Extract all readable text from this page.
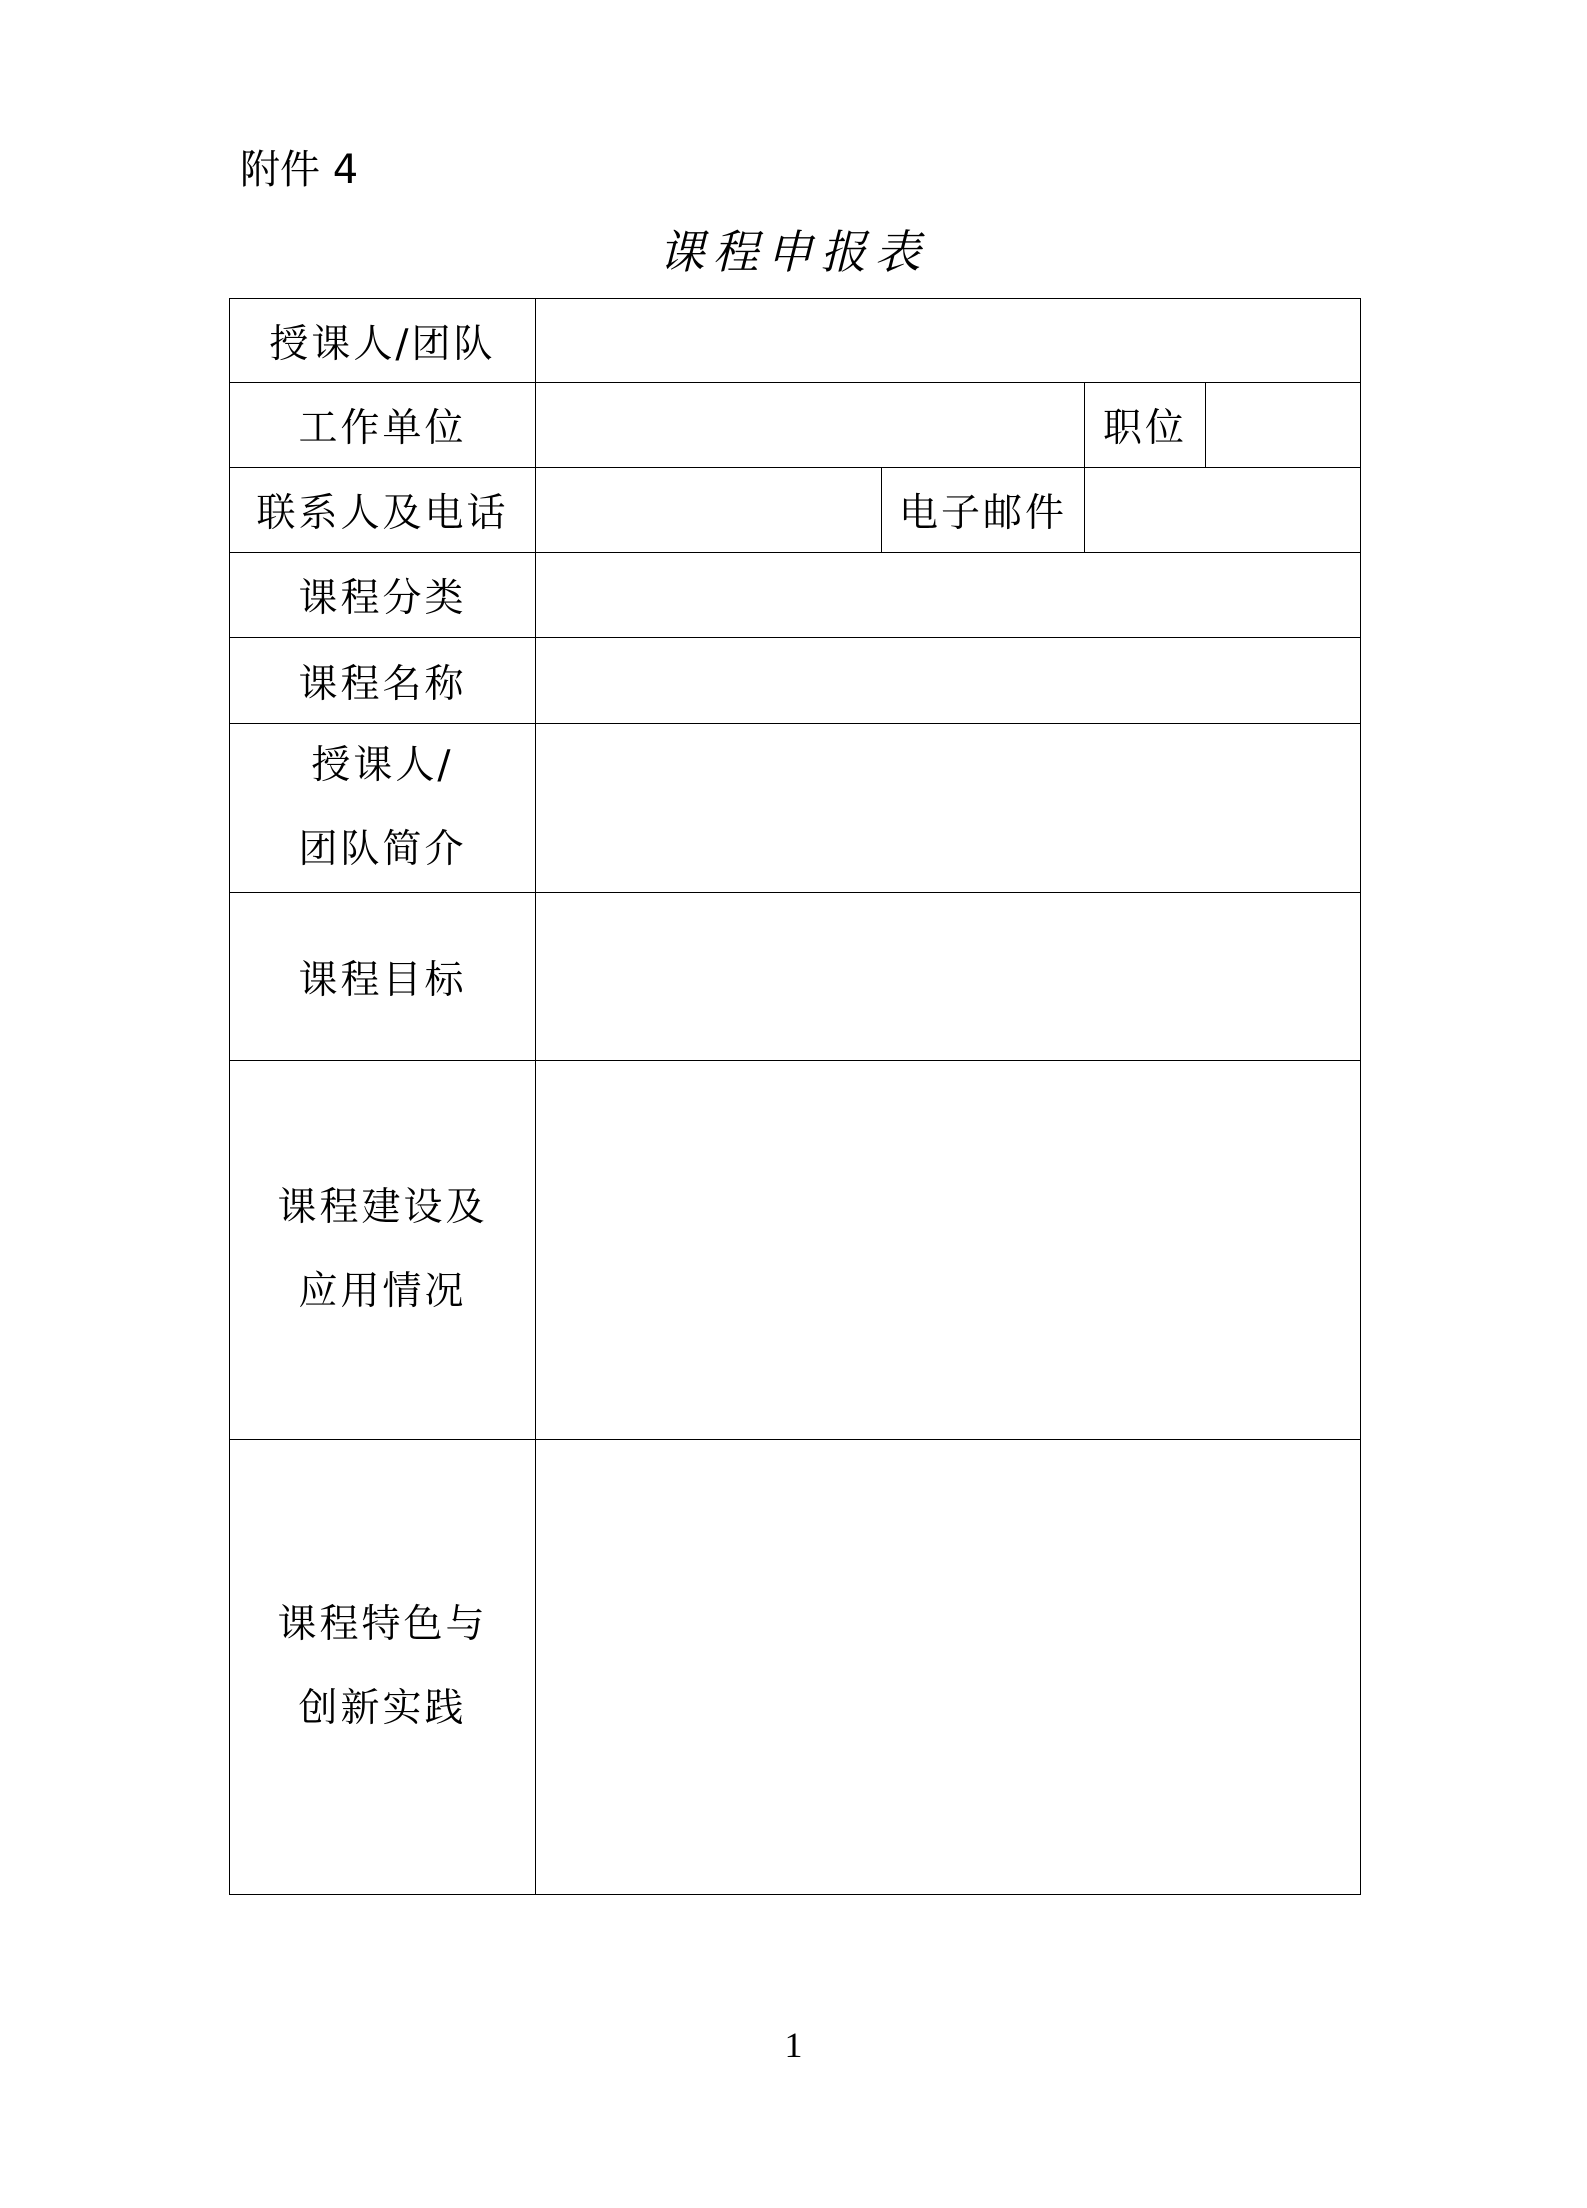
附件 4
课程申报表
授课人/团队				
工作单位			职位	
联系人及电话		电子邮件		
课程分类				
课程名称				

授课人/
团队简介				

课程目标				

课程建设及
应用情况				

课程特色与
创新实践				

1
